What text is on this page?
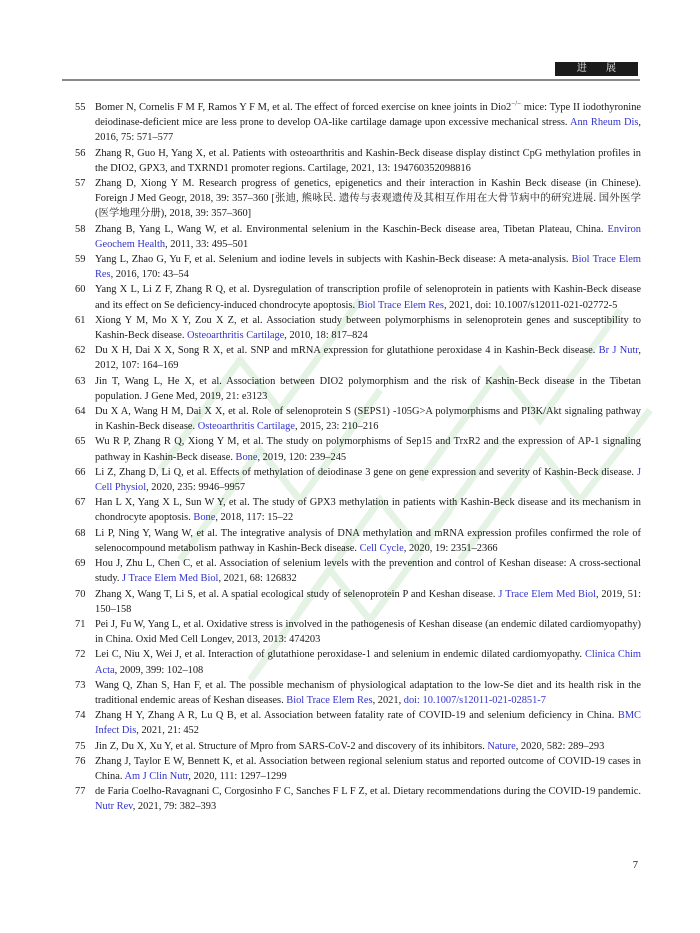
进 展
55 Bomer N, Cornelis F M F, Ramos Y F M, et al. The effect of forced exercise on knee joints in Dio2−/− mice: Type II iodothyronine deiodinase-deficient mice are less prone to develop OA-like cartilage damage upon excessive mechanical stress. Ann Rheum Dis, 2016, 75: 571–577
56 Zhang R, Guo H, Yang X, et al. Patients with osteoarthritis and Kashin-Beck disease display distinct CpG methylation profiles in the DIO2, GPX3, and TXRND1 promoter regions. Cartilage, 2021, 13: 194760352098816
57 Zhang D, Xiong Y M. Research progress of genetics, epigenetics and their interaction in Kashin Beck disease (in Chinese). Foreign J Med Geogr, 2018, 39: 357–360 [张迪, 熊咏民. 遗传与表观遗传及其相互作用在大骨节病中的研究进展. 国外医学(医学地理分册), 2018, 39: 357–360]
58 Zhang B, Yang L, Wang W, et al. Environmental selenium in the Kaschin-Beck disease area, Tibetan Plateau, China. Environ Geochem Health, 2011, 33: 495–501
59 Yang L, Zhao G, Yu F, et al. Selenium and iodine levels in subjects with Kashin-Beck disease: A meta-analysis. Biol Trace Elem Res, 2016, 170: 43–54
60 Yang X L, Li Z F, Zhang R Q, et al. Dysregulation of transcription profile of selenoprotein in patients with Kashin-Beck disease and its effect on Se deficiency-induced chondrocyte apoptosis. Biol Trace Elem Res, 2021, doi: 10.1007/s12011-021-02772-5
61 Xiong Y M, Mo X Y, Zou X Z, et al. Association study between polymorphisms in selenoprotein genes and susceptibility to Kashin-Beck disease. Osteoarthritis Cartilage, 2010, 18: 817–824
62 Du X H, Dai X X, Song R X, et al. SNP and mRNA expression for glutathione peroxidase 4 in Kashin-Beck disease. Br J Nutr, 2012, 107: 164–169
63 Jin T, Wang L, He X, et al. Association between DIO2 polymorphism and the risk of Kashin-Beck disease in the Tibetan population. J Gene Med, 2019, 21: e3123
64 Du X A, Wang H M, Dai X X, et al. Role of selenoprotein S (SEPS1) -105G>A polymorphisms and PI3K/Akt signaling pathway in Kashin-Beck disease. Osteoarthritis Cartilage, 2015, 23: 210–216
65 Wu R P, Zhang R Q, Xiong Y M, et al. The study on polymorphisms of Sep15 and TrxR2 and the expression of AP-1 signaling pathway in Kashin-Beck disease. Bone, 2019, 120: 239–245
66 Li Z, Zhang D, Li Q, et al. Effects of methylation of deiodinase 3 gene on gene expression and severity of Kashin-Beck disease. J Cell Physiol, 2020, 235: 9946–9957
67 Han L X, Yang X L, Sun W Y, et al. The study of GPX3 methylation in patients with Kashin-Beck disease and its mechanism in chondrocyte apoptosis. Bone, 2018, 117: 15–22
68 Li P, Ning Y, Wang W, et al. The integrative analysis of DNA methylation and mRNA expression profiles confirmed the role of selenocompound metabolism pathway in Kashin-Beck disease. Cell Cycle, 2020, 19: 2351–2366
69 Hou J, Zhu L, Chen C, et al. Association of selenium levels with the prevention and control of Keshan disease: A cross-sectional study. J Trace Elem Med Biol, 2021, 68: 126832
70 Zhang X, Wang T, Li S, et al. A spatial ecological study of selenoprotein P and Keshan disease. J Trace Elem Med Biol, 2019, 51: 150–158
71 Pei J, Fu W, Yang L, et al. Oxidative stress is involved in the pathogenesis of Keshan disease (an endemic dilated cardiomyopathy) in China. Oxid Med Cell Longev, 2013, 2013: 474203
72 Lei C, Niu X, Wei J, et al. Interaction of glutathione peroxidase-1 and selenium in endemic dilated cardiomyopathy. Clinica Chim Acta, 2009, 399: 102–108
73 Wang Q, Zhan S, Han F, et al. The possible mechanism of physiological adaptation to the low-Se diet and its health risk in the traditional endemic areas of Keshan diseases. Biol Trace Elem Res, 2021, doi: 10.1007/s12011-021-02851-7
74 Zhang H Y, Zhang A R, Lu Q B, et al. Association between fatality rate of COVID-19 and selenium deficiency in China. BMC Infect Dis, 2021, 21: 452
75 Jin Z, Du X, Xu Y, et al. Structure of Mpro from SARS-CoV-2 and discovery of its inhibitors. Nature, 2020, 582: 289–293
76 Zhang J, Taylor E W, Bennett K, et al. Association between regional selenium status and reported outcome of COVID-19 cases in China. Am J Clin Nutr, 2020, 111: 1297–1299
77 de Faria Coelho-Ravagnani C, Corgosinho F C, Sanches F L F Z, et al. Dietary recommendations during the COVID-19 pandemic. Nutr Rev, 2021, 79: 382–393
7
